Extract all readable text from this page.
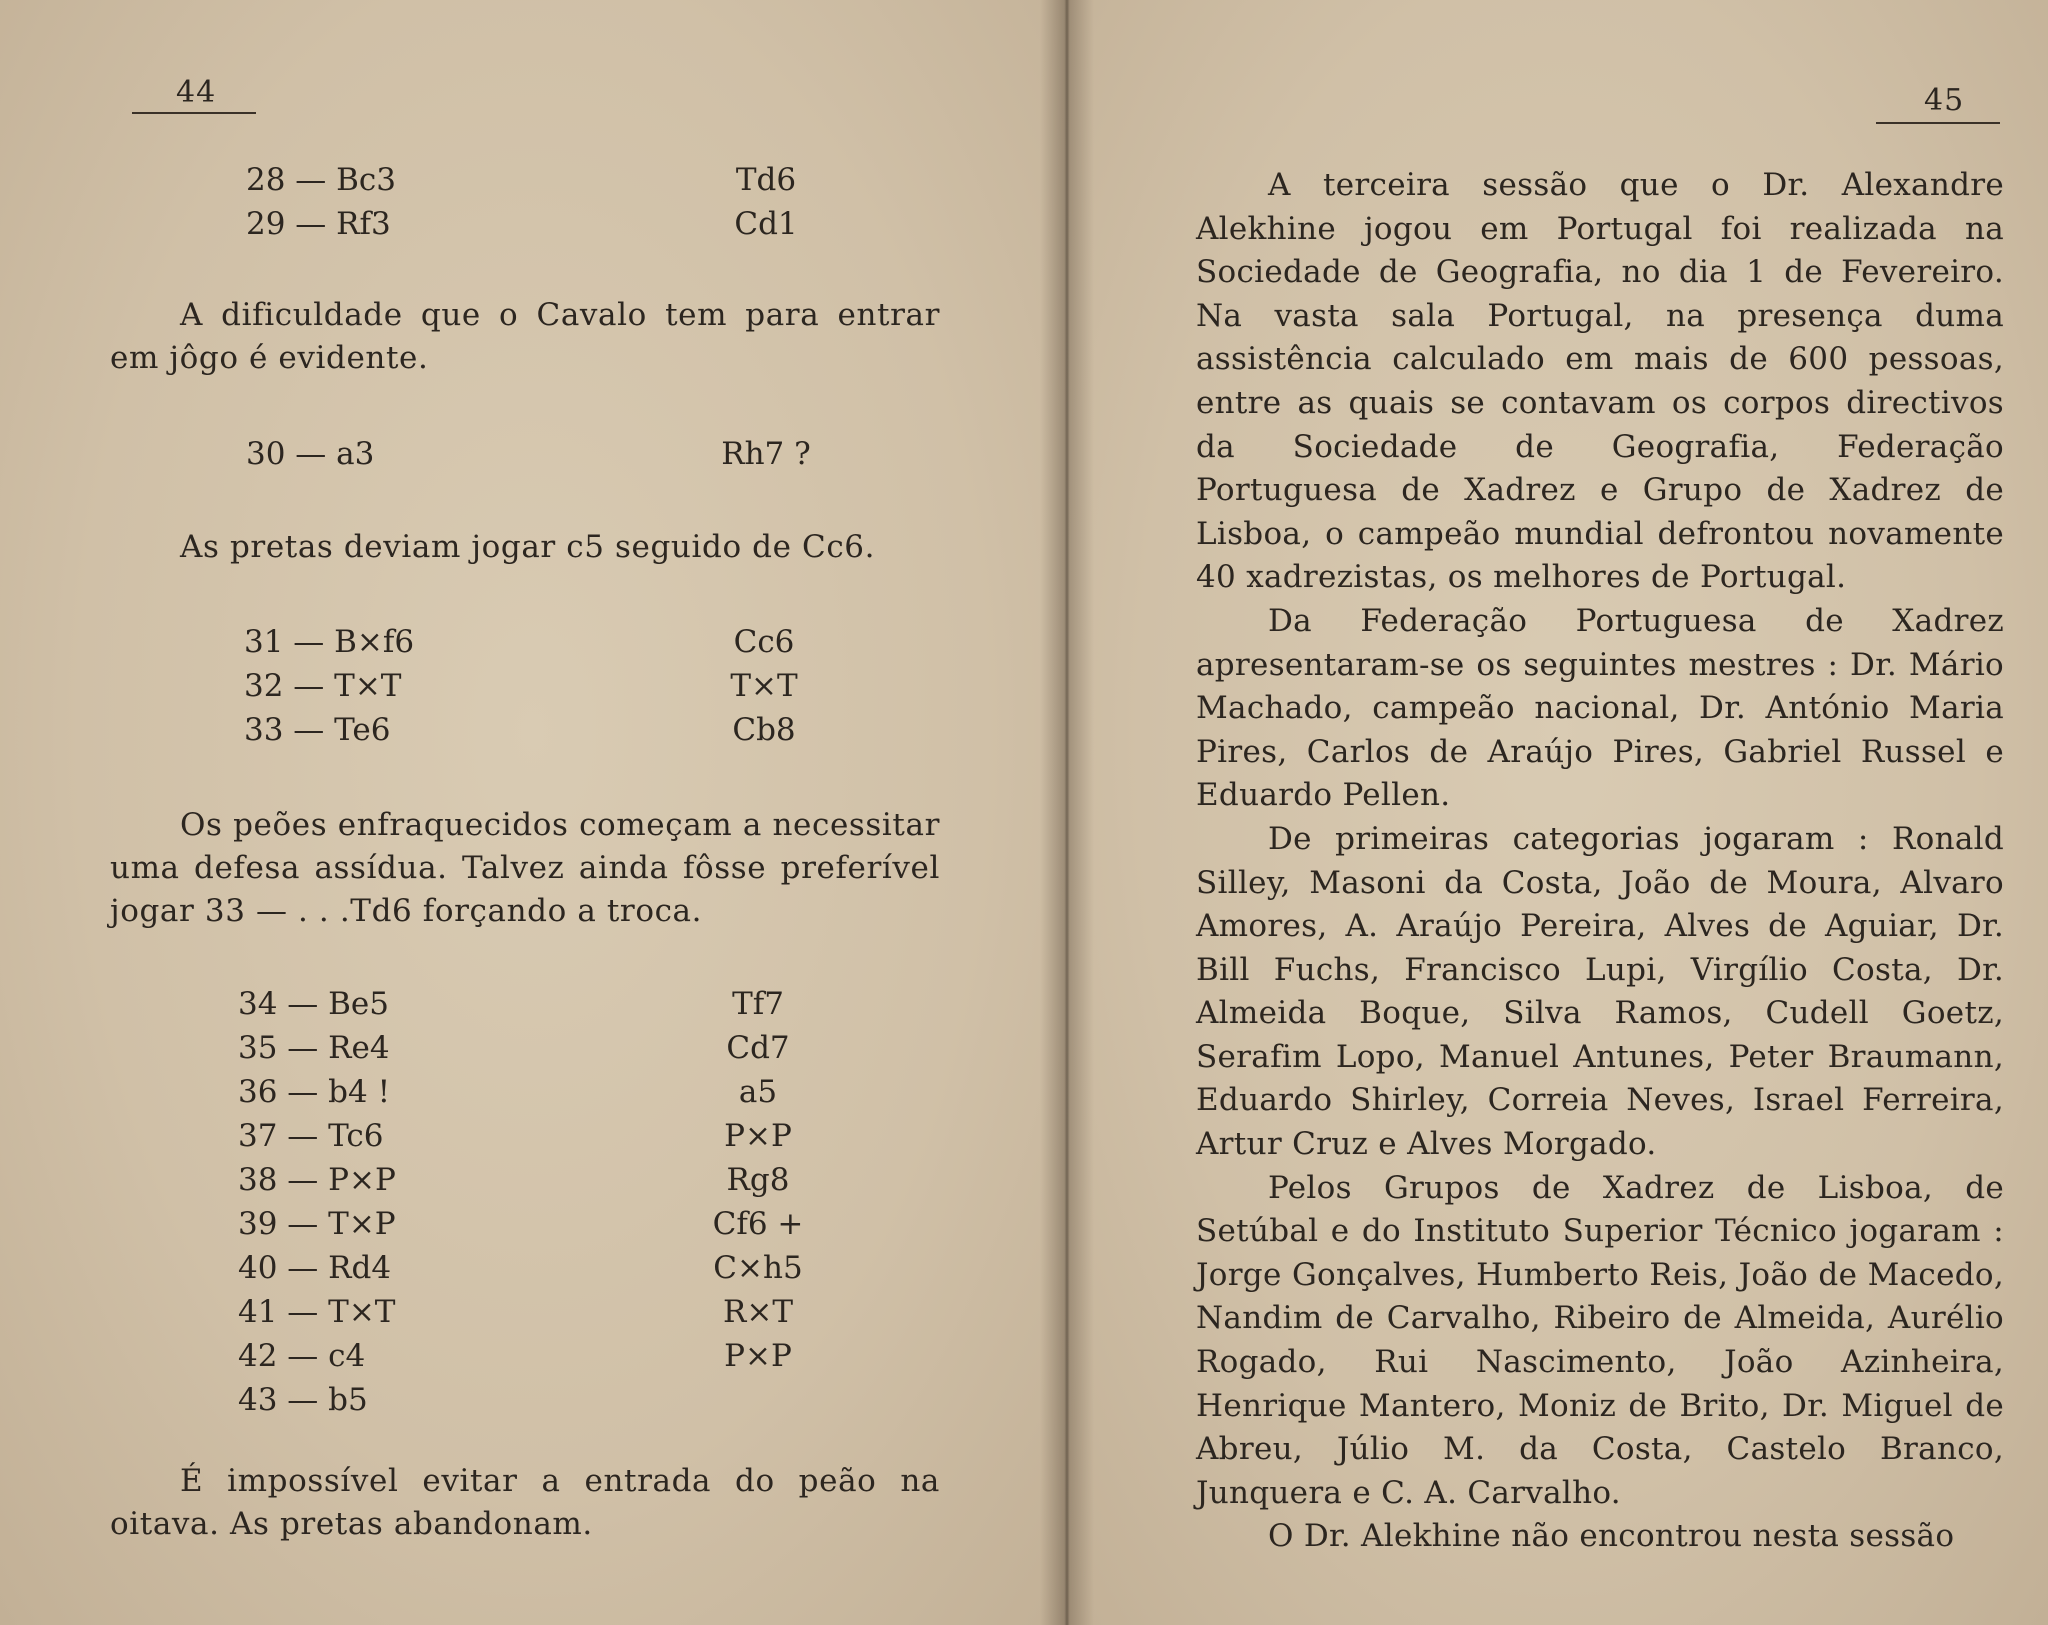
44
28 — Bc3	Td6
29 — Rf3	Cd1
A dificuldade que o Cavalo tem para entrar em jôgo é evidente.
30 — a3	Rh7 ?
As pretas deviam jogar c5 seguido de Cc6.
31 — B×f6	Cc6
32 — T×T	T×T
33 — Te6	Cb8
Os peões enfraquecidos começam a necessitar uma defesa assídua. Talvez ainda fôsse preferível jogar 33 — . . .Td6 forçando a troca.
34 — Be5	Tf7
35 — Re4	Cd7
36 — b4 !	a5
37 — Tc6	P×P
38 — P×P	Rg8
39 — T×P	Cf6 +
40 — Rd4	C×h5
41 — T×T	R×T
42 — c4	P×P
43 — b5
É impossível evitar a entrada do peão na oitava. As pretas abandonam.
45

A terceira sessão que o Dr. Alexandre Alekhine jogou em Portugal foi realizada na Sociedade de Geografia, no dia 1 de Fevereiro. Na vasta sala Portugal, na presença duma assistência calculado em mais de 600 pessoas, entre as quais se contavam os corpos directivos da Sociedade de Geografia, Federação Portuguesa de Xadrez e Grupo de Xadrez de Lisboa, o campeão mundial defrontou novamente 40 xadrezistas, os melhores de Portugal.

Da Federação Portuguesa de Xadrez apresentaram-se os seguintes mestres : Dr. Mário Machado, campeão nacional, Dr. António Maria Pires, Carlos de Araújo Pires, Gabriel Russel e Eduardo Pellen.

De primeiras categorias jogaram : Ronald Silley, Masoni da Costa, João de Moura, Alvaro Amores, A. Araújo Pereira, Alves de Aguiar, Dr. Bill Fuchs, Francisco Lupi, Virgílio Costa, Dr. Almeida Boque, Silva Ramos, Cudell Goetz, Serafim Lopo, Manuel Antunes, Peter Braumann, Eduardo Shirley, Correia Neves, Israel Ferreira, Artur Cruz e Alves Morgado.

Pelos Grupos de Xadrez de Lisboa, de Setúbal e do Instituto Superior Técnico jogaram : Jorge Gonçalves, Humberto Reis, João de Macedo, Nandim de Carvalho, Ribeiro de Almeida, Aurélio Rogado, Rui Nascimento, João Azinheira, Henrique Mantero, Moniz de Brito, Dr. Miguel de Abreu, Júlio M. da Costa, Castelo Branco, Junquera e C. A. Carvalho.

O Dr. Alekhine não encontrou nesta sessão
